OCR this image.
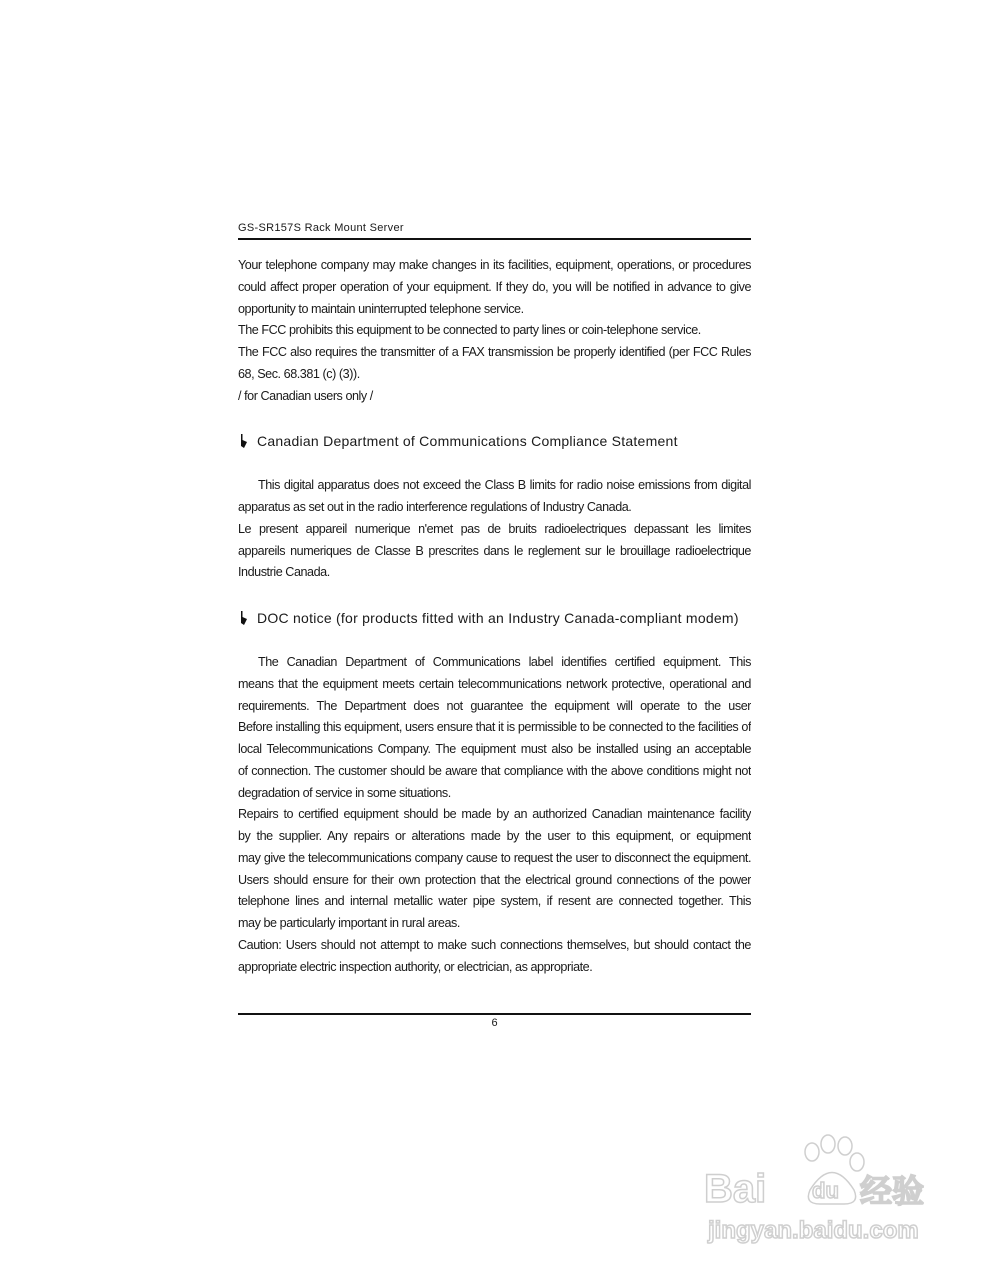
GS-SR157S Rack Mount Server
Your telephone company may make changes in its facilities, equipment, operations, or procedures
could affect proper operation of your equipment. If they do, you will be notified in advance to give
opportunity to maintain uninterrupted telephone service.
The FCC prohibits this equipment to be connected to party lines or coin-telephone service.
The FCC also requires the transmitter of a FAX transmission be properly identified (per FCC Rules
68, Sec. 68.381 (c) (3)).
/ for Canadian users only /
Canadian Department of Communications Compliance Statement
This digital apparatus does not exceed the Class B limits for radio noise emissions from digital
apparatus as set out in the radio interference regulations of Industry Canada.
Le present appareil numerique n'emet pas de bruits radioelectriques depassant les limites
appareils numeriques de Classe B prescrites dans le reglement sur le brouillage radioelectrique
Industrie Canada.
DOC notice (for products fitted with an Industry Canada-compliant modem)
The Canadian Department of Communications label identifies certified equipment. This
means that the equipment meets certain telecommunications network protective, operational and
requirements. The Department does not guarantee the equipment will operate to the user
Before installing this equipment, users ensure that it is permissible to be connected to the facilities of
local Telecommunications Company. The equipment must also be installed using an acceptable
of connection. The customer should be aware that compliance with the above conditions might not
degradation of service in some situations.
Repairs to certified equipment should be made by an authorized Canadian maintenance facility
by the supplier. Any repairs or alterations made by the user to this equipment, or equipment
may give the telecommunications company cause to request the user to disconnect the equipment.
Users should ensure for their own protection that the electrical ground connections of the power
telephone lines and internal metallic water pipe system, if resent are connected together. This
may be particularly important in rural areas.
Caution: Users should not attempt to make such connections themselves, but should contact the
appropriate electric inspection authority, or electrician, as appropriate.
6
Bai du 经验
jingyan.baidu.com
